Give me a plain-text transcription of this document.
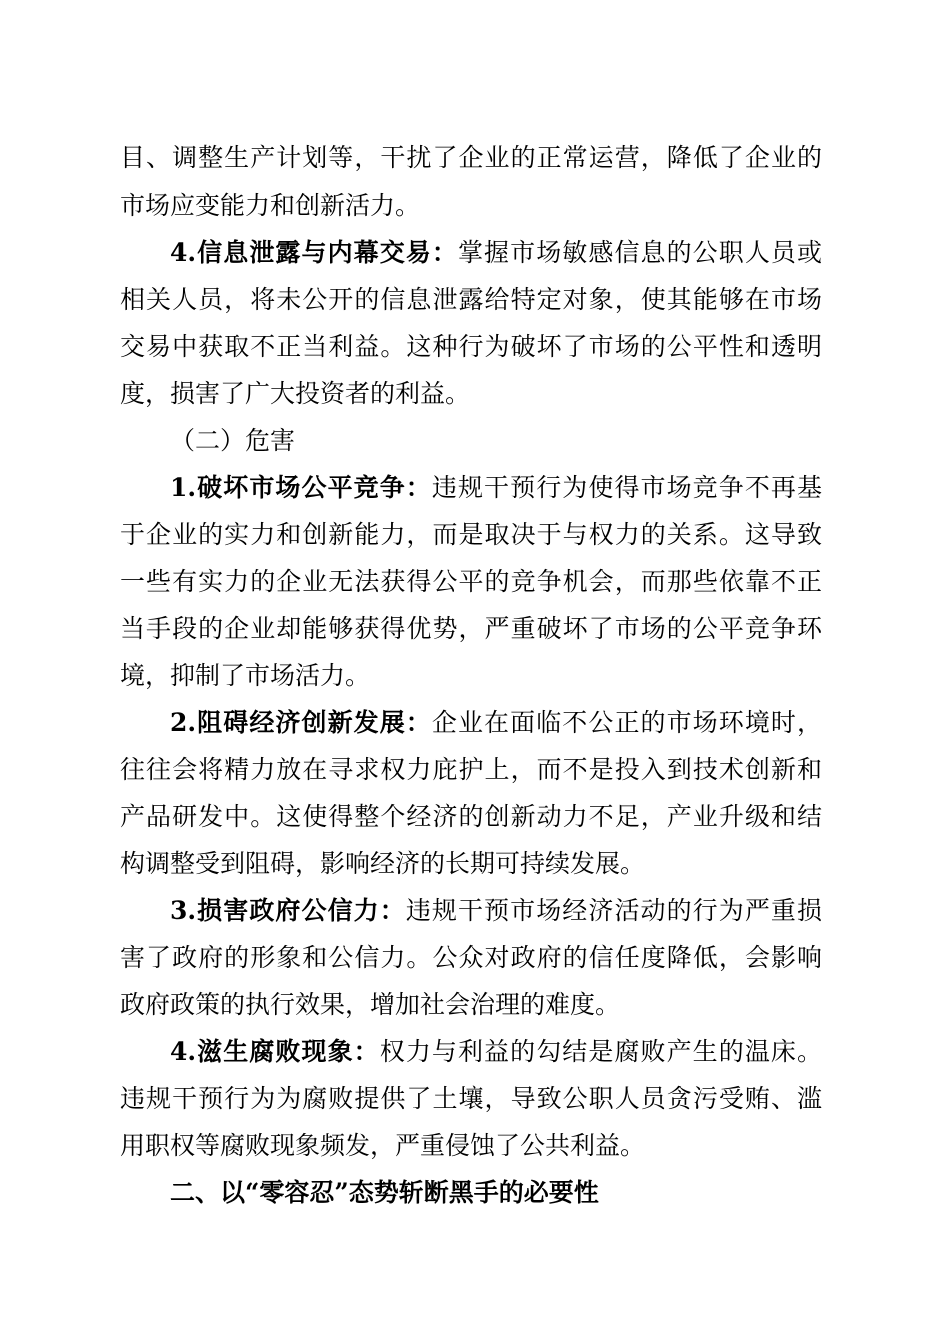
目、调整生产计划等，干扰了企业的正常运营，降低了企业的
市场应变能力和创新活力。
4.信息泄露与内幕交易：掌握市场敏感信息的公职人员或
相关人员，将未公开的信息泄露给特定对象，使其能够在市场
交易中获取不正当利益。这种行为破坏了市场的公平性和透明
度，损害了广大投资者的利益。
（二）危害
1.破坏市场公平竞争：违规干预行为使得市场竞争不再基
于企业的实力和创新能力，而是取决于与权力的关系。这导致
一些有实力的企业无法获得公平的竞争机会，而那些依靠不正
当手段的企业却能够获得优势，严重破坏了市场的公平竞争环
境，抑制了市场活力。
2.阻碍经济创新发展：企业在面临不公正的市场环境时，
往往会将精力放在寻求权力庇护上，而不是投入到技术创新和
产品研发中。这使得整个经济的创新动力不足，产业升级和结
构调整受到阻碍，影响经济的长期可持续发展。
3.损害政府公信力：违规干预市场经济活动的行为严重损
害了政府的形象和公信力。公众对政府的信任度降低，会影响
政府政策的执行效果，增加社会治理的难度。
4.滋生腐败现象：权力与利益的勾结是腐败产生的温床。
违规干预行为为腐败提供了土壤，导致公职人员贪污受贿、滥
用职权等腐败现象频发，严重侵蚀了公共利益。
二、以“零容忍”态势斩断黑手的必要性
